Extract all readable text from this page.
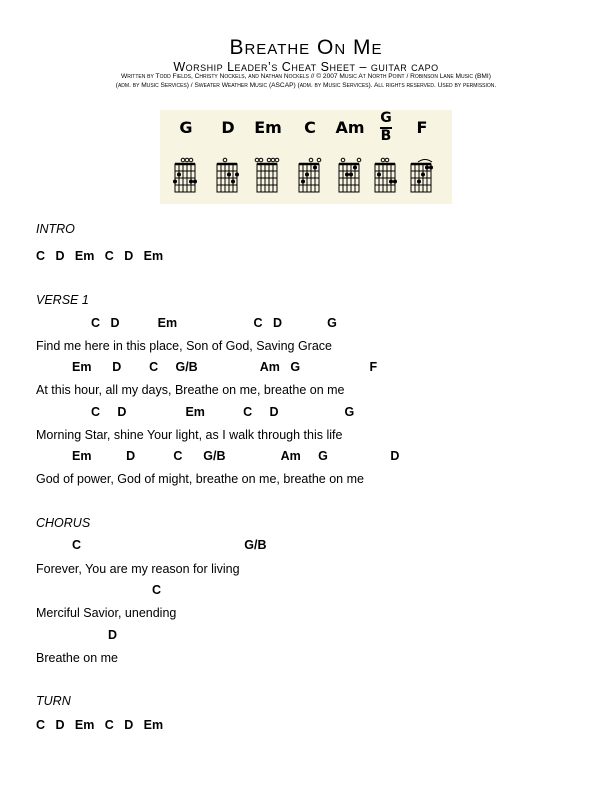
Breathe On Me
Worship Leader’s Cheat Sheet – guitar capo
Written by Todd Fields, Christy Nockels, and Nathan Nockels // © 2007 Music At North Point / Robinson Lane Music (BMI)
(adm. by Music Services) / Sweater Weather Music (ASCAP) (adm. by Music Services). All rights reserved. Used by permission.
G	D	Em	C	Am	G
B	F
INTRO
C   D   Em   C   D   Em
VERSE 1
C   D           Em                      C   D             G
Find me here in this place, Son of God, Saving Grace
Em      D        C     G/B                  Am   G                    F
At this hour, all my days, Breathe on me, breathe on me
C     D                 Em           C     D                   G
Morning Star, shine Your light, as I walk through this life
Em          D           C      G/B                Am     G                  D
God of power, God of might, breathe on me, breathe on me
CHORUS
C                                               G/B
Forever, You are my reason for living
C
Merciful Savior, unending
D
Breathe on me
TURN
C   D   Em   C   D   Em
